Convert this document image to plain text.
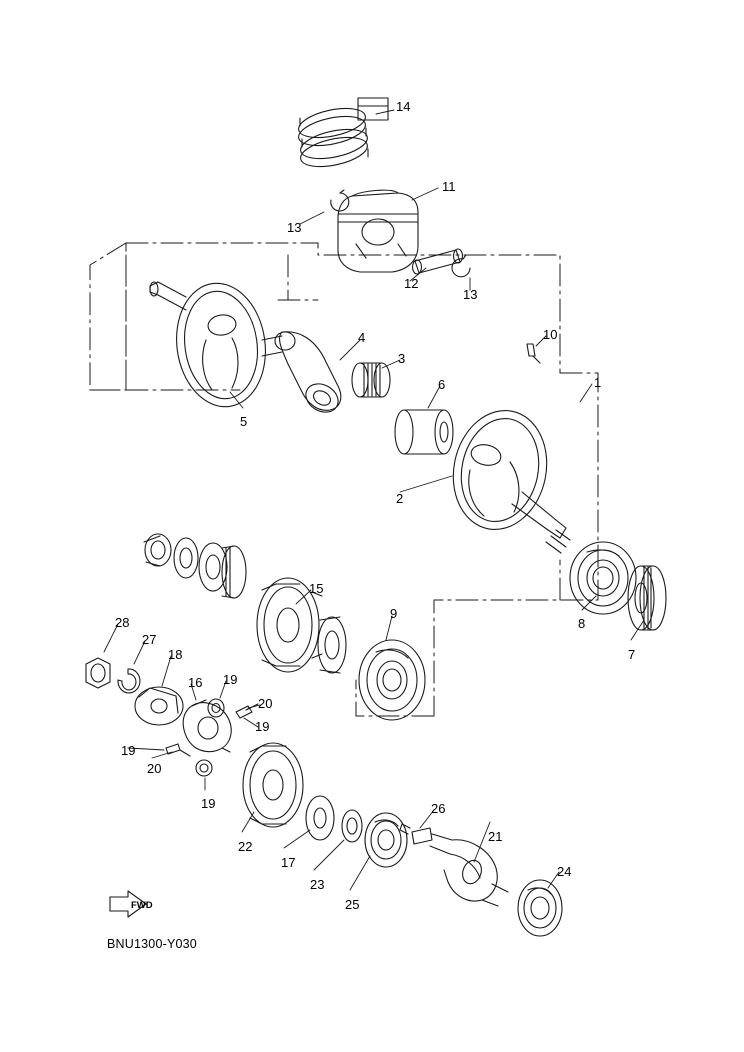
14
11
13
12
13
10
1
4
3
6
5
2
8
7
15
9
28
27
18
16 19
20
19
19
20
19
22
17
23
25
26
21
24
FWD
BNU1300-Y030
